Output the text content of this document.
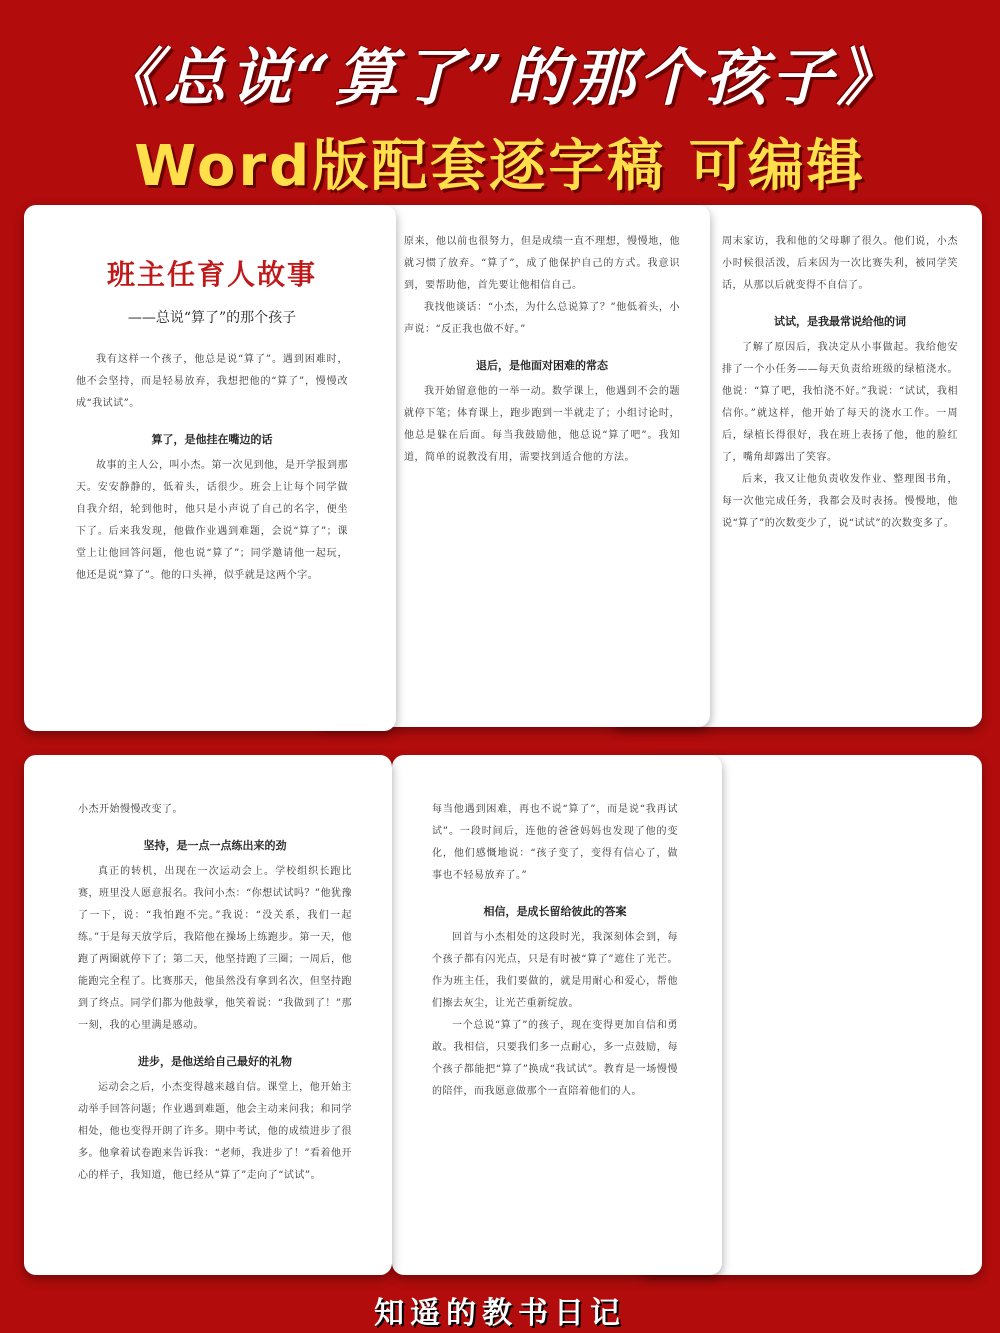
《总说“算了”的那个孩子》
Word版配套逐字稿 可编辑

周末家访，我和他的父母聊了很久。他们说，小杰小时候很活泼，后来因为一次比赛失利，被同学笑话，从那以后就变得不自信了。

试试，是我最常说给他的词

了解了原因后，我决定从小事做起。我给他安排了一个小任务——每天负责给班级的绿植浇水。他说：“算了吧，我怕浇不好。”我说：“试试，我相信你。”就这样，他开始了每天的浇水工作。一周后，绿植长得很好，我在班上表扬了他，他的脸红了，嘴角却露出了笑容。

后来，我又让他负责收发作业、整理图书角，每一次他完成任务，我都会及时表扬。慢慢地，他说“算了”的次数变少了，说“试试”的次数变多了。

原来，他以前也很努力，但是成绩一直不理想，慢慢地，他就习惯了放弃。“算了”，成了他保护自己的方式。我意识到，要帮助他，首先要让他相信自己。

我找他谈话：“小杰，为什么总说算了？”他低着头，小声说：“反正我也做不好。”

退后，是他面对困难的常态

我开始留意他的一举一动。数学课上，他遇到不会的题就停下笔；体育课上，跑步跑到一半就走了；小组讨论时，他总是躲在后面。每当我鼓励他，他总说“算了吧”。我知道，简单的说教没有用，需要找到适合他的方法。

班主任育人故事
——总说“算了”的那个孩子

我有这样一个孩子，他总是说“算了”。遇到困难时，他不会坚持，而是轻易放弃，我想把他的“算了”，慢慢改成“我试试”。

算了，是他挂在嘴边的话

故事的主人公，叫小杰。第一次见到他，是开学报到那天。安安静静的，低着头，话很少。班会上让每个同学做自我介绍，轮到他时，他只是小声说了自己的名字，便坐下了。后来我发现，他做作业遇到难题，会说“算了”；课堂上让他回答问题，他也说“算了”；同学邀请他一起玩，他还是说“算了”。他的口头禅，似乎就是这两个字。

每当他遇到困难，再也不说“算了”，而是说“我再试试”。一段时间后，连他的爸爸妈妈也发现了他的变化，他们感慨地说：“孩子变了，变得有信心了，做事也不轻易放弃了。”

相信，是成长留给彼此的答案

回首与小杰相处的这段时光，我深刻体会到，每个孩子都有闪光点，只是有时被“算了”遮住了光芒。作为班主任，我们要做的，就是用耐心和爱心，帮他们擦去灰尘，让光芒重新绽放。

一个总说“算了”的孩子，现在变得更加自信和勇敢。我相信，只要我们多一点耐心，多一点鼓励，每个孩子都能把“算了”换成“我试试”。教育是一场慢慢的陪伴，而我愿意做那个一直陪着他们的人。

小杰开始慢慢改变了。

坚持，是一点一点练出来的劲

真正的转机，出现在一次运动会上。学校组织长跑比赛，班里没人愿意报名。我问小杰：“你想试试吗？”他犹豫了一下，说：“我怕跑不完。”我说：“没关系，我们一起练。”于是每天放学后，我陪他在操场上练跑步。第一天，他跑了两圈就停下了；第二天，他坚持跑了三圈；一周后，他能跑完全程了。比赛那天，他虽然没有拿到名次，但坚持跑到了终点。同学们都为他鼓掌，他笑着说：“我做到了！”那一刻，我的心里满是感动。

进步，是他送给自己最好的礼物

运动会之后，小杰变得越来越自信。课堂上，他开始主动举手回答问题；作业遇到难题，他会主动来问我；和同学相处，他也变得开朗了许多。期中考试，他的成绩进步了很多。他拿着试卷跑来告诉我：“老师，我进步了！”看着他开心的样子，我知道，他已经从“算了”走向了“试试”。

知遥的教书日记
